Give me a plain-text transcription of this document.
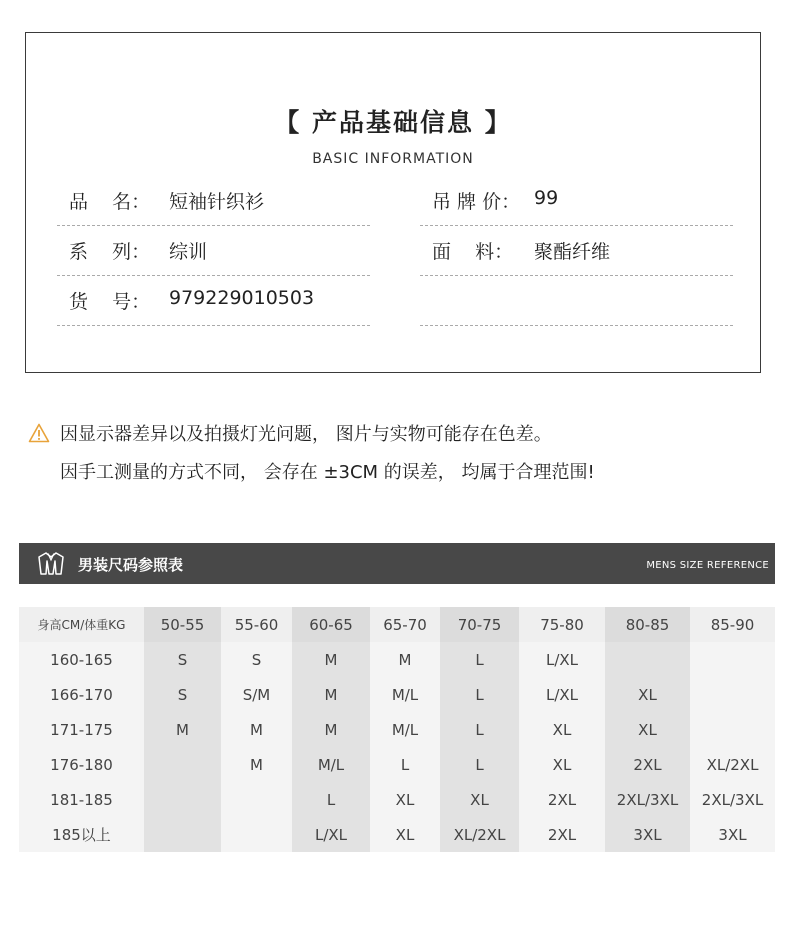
【 产品基础信息 】
BASIC INFORMATION
品    名： 短袖针织衫
系    列： 综训
货    号： 979229010503
吊 牌 价： 99
面    料： 聚酯纤维
因显示器差异以及拍摄灯光问题， 图片与实物可能存在色差。
因手工测量的方式不同， 会存在 ±3CM 的误差， 均属于合理范围!
男装尺码参照表	MENS SIZE REFERENCE
身高CM/体重KG	50-55	55-60	60-65	65-70	70-75	75-80	80-85	85-90
160-165	S	S	M	M	L	L/XL		
166-170	S	S/M	M	M/L	L	L/XL	XL	
171-175	M	M	M	M/L	L	XL	XL	
176-180		M	M/L	L	L	XL	2XL	XL/2XL
181-185			L	XL	XL	2XL	2XL/3XL	2XL/3XL
185以上			L/XL	XL	XL/2XL	2XL	3XL	3XL
